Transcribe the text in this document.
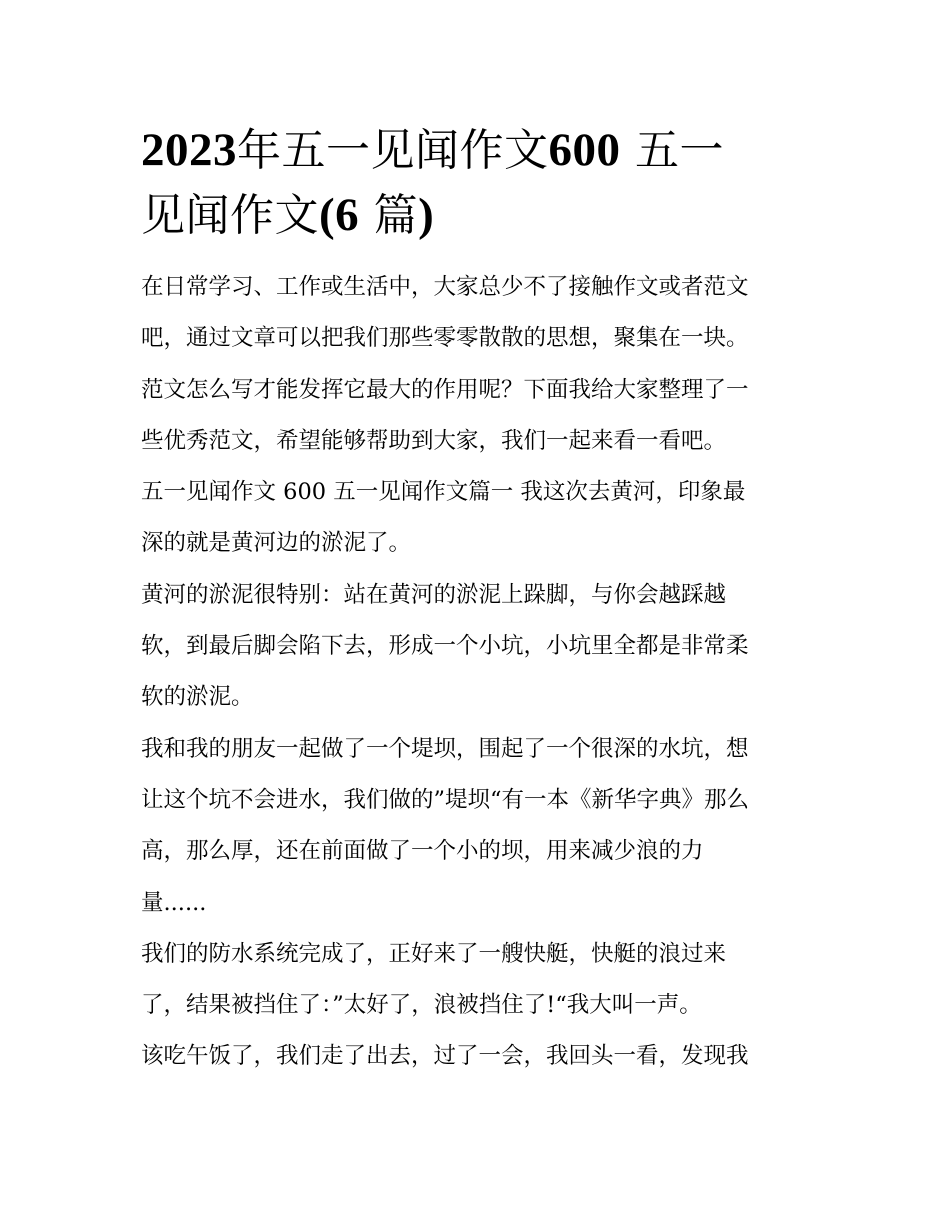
2023年五一见闻作文600 五一
见闻作文(6 篇)
在日常学习、工作或生活中，大家总少不了接触作文或者范文
吧，通过文章可以把我们那些零零散散的思想，聚集在一块。
范文怎么写才能发挥它最大的作用呢？下面我给大家整理了一
些优秀范文，希望能够帮助到大家，我们一起来看一看吧。
五一见闻作文 600 五一见闻作文篇一 我这次去黄河，印象最
深的就是黄河边的淤泥了。
黄河的淤泥很特别：站在黄河的淤泥上跺脚，与你会越踩越
软，到最后脚会陷下去，形成一个小坑，小坑里全都是非常柔
软的淤泥。
我和我的朋友一起做了一个堤坝，围起了一个很深的水坑，想
让这个坑不会进水，我们做的”堤坝“有一本《新华字典》那么
高，那么厚，还在前面做了一个小的坝，用来减少浪的力
量......
我们的防水系统完成了，正好来了一艘快艇，快艇的浪过来
了，结果被挡住了：”太好了，浪被挡住了!“我大叫一声。
该吃午饭了，我们走了出去，过了一会，我回头一看，发现我
